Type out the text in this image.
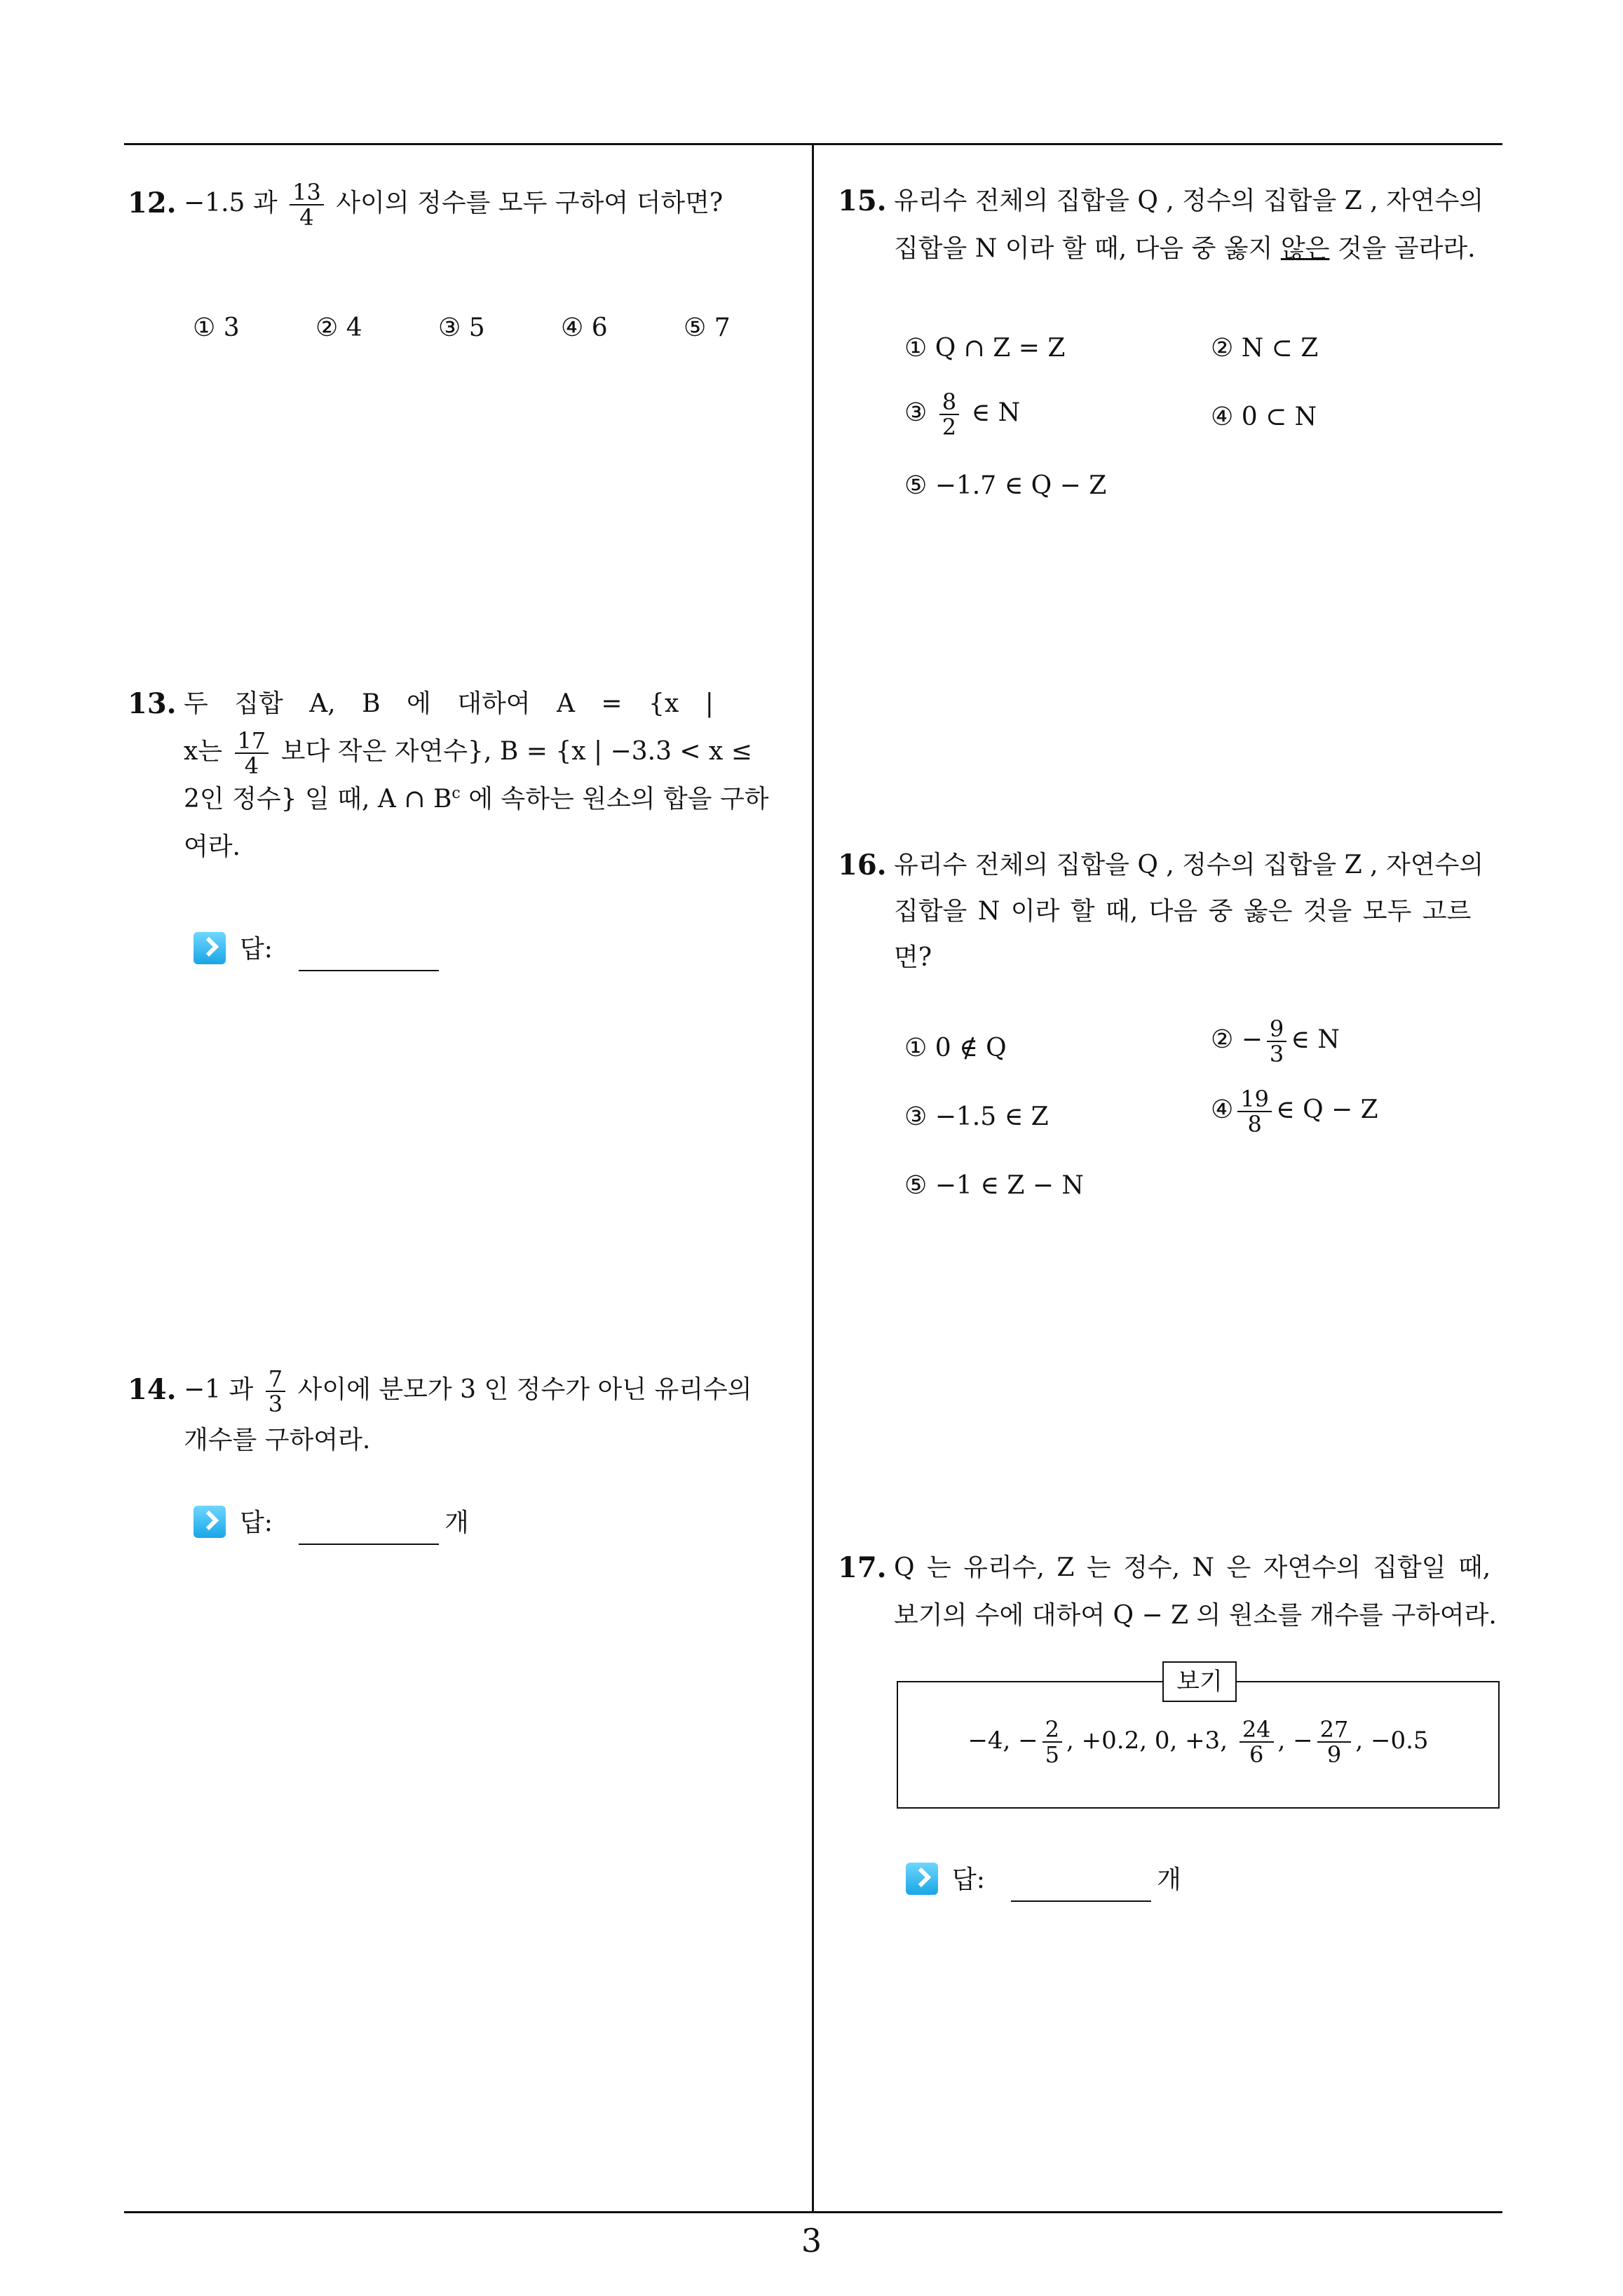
12. −1.5 과 $\frac{13}{4}$ 사이의 정수를 모두 구하여 더하면?
① 3	② 4	③ 5	④ 6	⑤ 7
13. 두 집합 A, B 에 대하여 A = {x |
x는 $\frac{17}{4}$ 보다 작은 자연수}, B = {x | −3.3 < x ≤
2인 정수} 일 때, A ∩ $B^c$ 에 속하는 원소의 합을 구하
여라.
답:
14. −1 과 $\frac{7}{3}$ 사이에 분모가 3 인 정수가 아닌 유리수의
개수를 구하여라.
답:	개
15. 유리수 전체의 집합을 Q , 정수의 집합을 Z , 자연수의
집합을 N 이라 할 때, 다음 중 옳지 않은 것을 골라라.
① Q ∩ Z = Z	② N ⊂ Z
③ $\frac{8}{2}$ ∈ N	④ 0 ⊂ N
⑤ −1.7 ∈ Q − Z
16. 유리수 전체의 집합을 Q , 정수의 집합을 Z , 자연수의
집합을 N 이라 할 때, 다음 중 옳은 것을 모두 고르
면?
① 0 ∉ Q	② − $\frac{9}{3}$ ∈ N
③ −1.5 ∈ Z	④ $\frac{19}{8}$ ∈ Q − Z
⑤ −1 ∈ Z − N
17. Q 는 유리수, Z 는 정수, N 은 자연수의 집합일 때,
보기의 수에 대하여 Q − Z 의 원소를 개수를 구하여라.
보기
−4, − $\frac{2}{5}$ , +0.2, 0, +3, $\frac{24}{6}$ , − $\frac{27}{9}$ , −0.5
답:	개
3
